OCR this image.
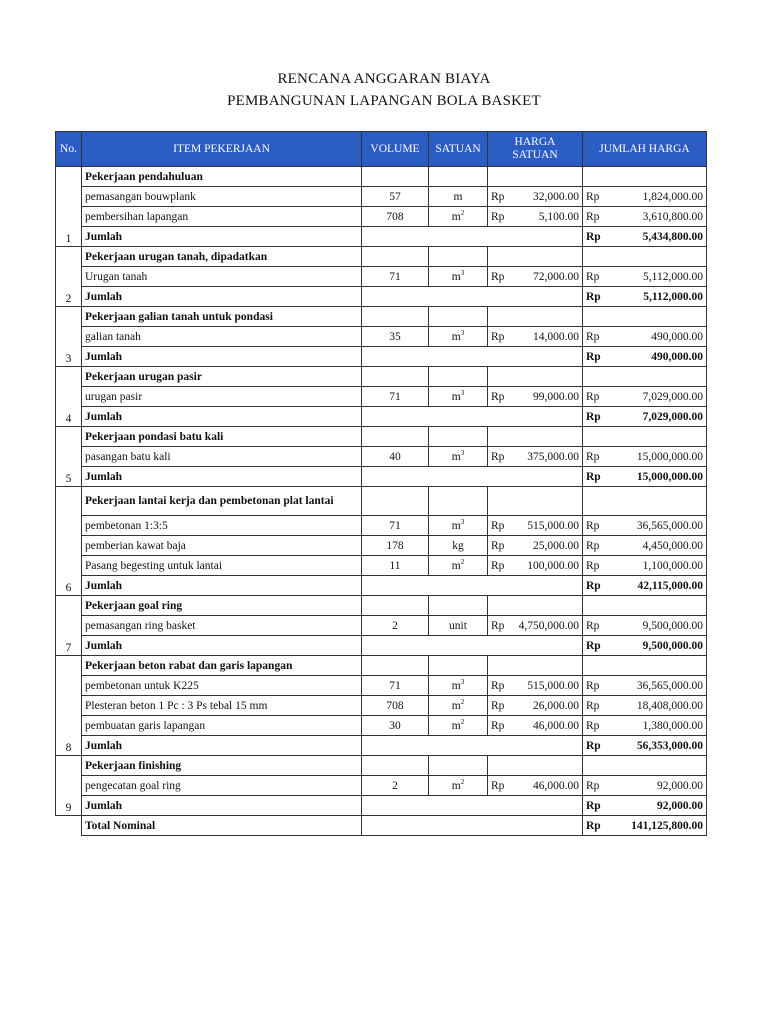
RENCANA ANGGARAN BIAYA
PEMBANGUNAN LAPANGAN BOLA BASKET
No.	ITEM PEKERJAAN	VOLUME	SATUAN	HARGA SATUAN		JUMLAH HARGA	
1	Pekerjaan pendahuluan						
	pemasangan bouwplank	57	m	Rp	32,000.00	Rp	1,824,000.00
	pembersihan lapangan	708	$m^2$	Rp	5,100.00	Rp	3,610,800.00
	Jumlah					Rp	5,434,800.00
2	Pekerjaan urugan tanah, dipadatkan						
	Urugan tanah	71	$m^3$	Rp	72,000.00	Rp	5,112,000.00
	Jumlah					Rp	5,112,000.00
3	Pekerjaan galian tanah untuk pondasi						
	galian tanah	35	$m^3$	Rp	14,000.00	Rp	490,000.00
	Jumlah					Rp	490,000.00
4	Pekerjaan urugan pasir						
	urugan pasir	71	$m^3$	Rp	99,000.00	Rp	7,029,000.00
	Jumlah					Rp	7,029,000.00
5	Pekerjaan pondasi batu kali						
	pasangan batu kali	40	$m^3$	Rp	375,000.00	Rp	15,000,000.00
	Jumlah					Rp	15,000,000.00
6	Pekerjaan lantai kerja dan pembetonan plat lantai						
	pembetonan 1:3:5	71	$m^3$	Rp	515,000.00	Rp	36,565,000.00
	pemberian kawat baja	178	kg	Rp	25,000.00	Rp	4,450,000.00
	Pasang begesting untuk lantai	11	$m^2$	Rp	100,000.00	Rp	1,100,000.00
	Jumlah					Rp	42,115,000.00
7	Pekerjaan goal ring						
	pemasangan ring basket	2	unit	Rp	4,750,000.00	Rp	9,500,000.00
	Jumlah					Rp	9,500,000.00
8	Pekerjaan beton rabat dan garis lapangan						
	pembetonan untuk K225	71	$m^3$	Rp	515,000.00	Rp	36,565,000.00
	Plesteran beton 1 Pc : 3 Ps tebal 15 mm	708	$m^2$	Rp	26,000.00	Rp	18,408,000.00
	pembuatan garis lapangan	30	$m^2$	Rp	46,000.00	Rp	1,380,000.00
	Jumlah					Rp	56,353,000.00
9	Pekerjaan finishing						
	pengecatan goal ring	2	$m^2$	Rp	46,000.00	Rp	92,000.00
	Jumlah					Rp	92,000.00
	Total Nominal					Rp	141,125,800.00
